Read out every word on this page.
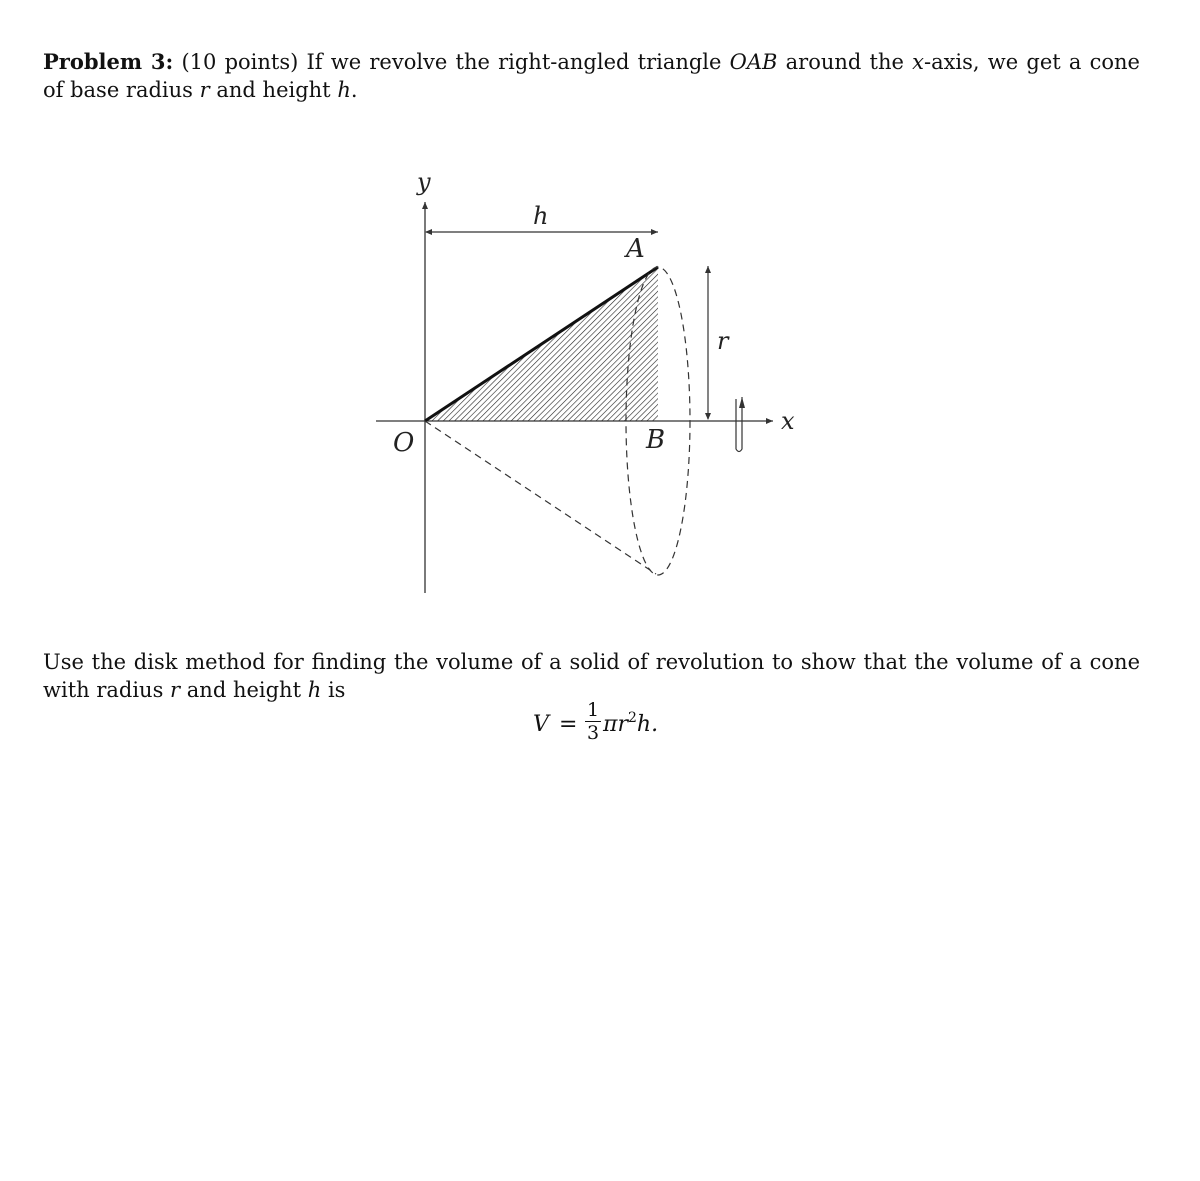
Problem 3: (10 points) If we revolve the right-angled triangle OAB around the x-axis, we get a cone of base radius r and height h.
y
x
h
r
O
A
B
Use the disk method for finding the volume of a solid of revolution to show that the volume of a cone with radius r and height h is
V =
1
3 $\pi r^2h$.
